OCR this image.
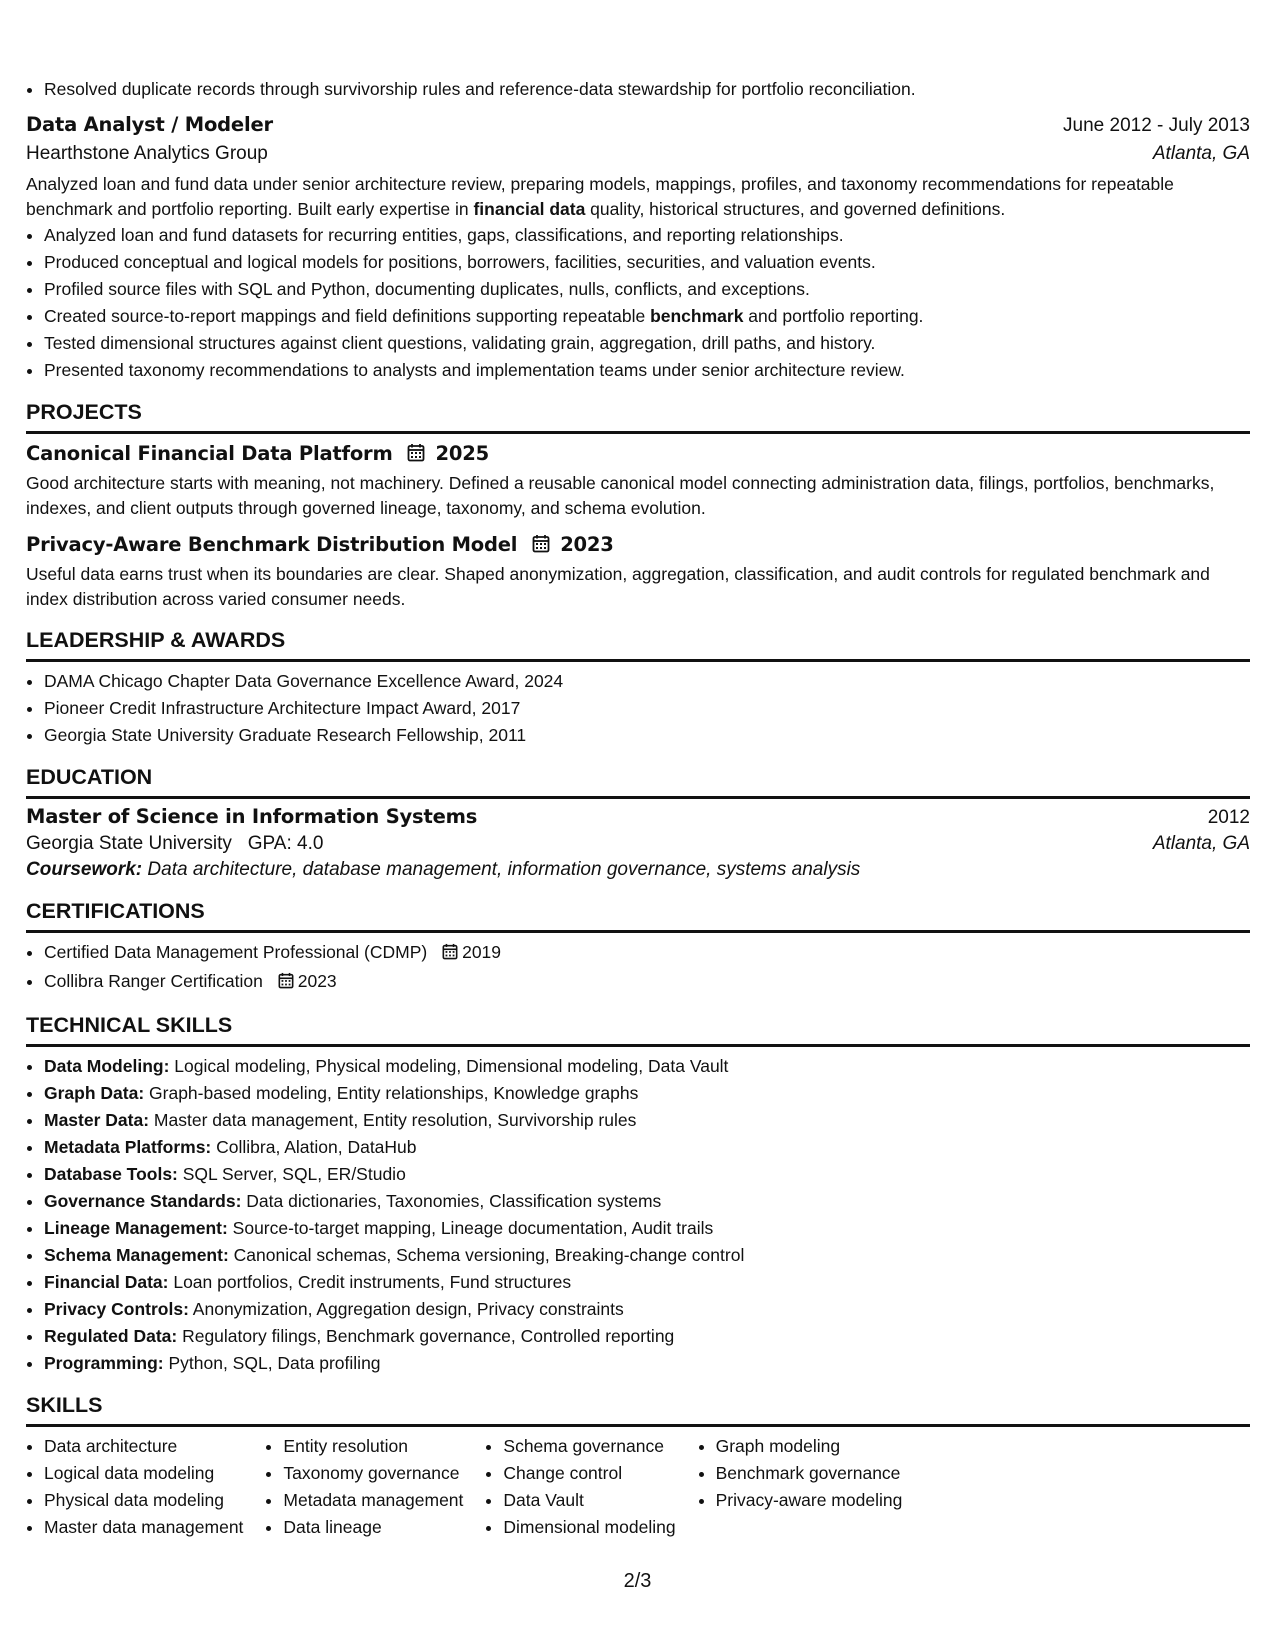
• Resolved duplicate records through survivorship rules and reference-data stewardship for portfolio reconciliation.
Data Analyst / Modeler	June 2012 - July 2013
Hearthstone Analytics Group	Atlanta, GA

Analyzed loan and fund data under senior architecture review, preparing models, mappings, profiles, and taxonomy recommendations for repeatable benchmark and portfolio reporting. Built early expertise in financial data quality, historical structures, and governed definitions.

• Analyzed loan and fund datasets for recurring entities, gaps, classifications, and reporting relationships.
• Produced conceptual and logical models for positions, borrowers, facilities, securities, and valuation events.
• Profiled source files with SQL and Python, documenting duplicates, nulls, conflicts, and exceptions.
• Created source-to-report mappings and field definitions supporting repeatable benchmark and portfolio reporting.
• Tested dimensional structures against client questions, validating grain, aggregation, drill paths, and history.
• Presented taxonomy recommendations to analysts and implementation teams under senior architecture review.
PROJECTS
Canonical Financial Data Platform 2025

Good architecture starts with meaning, not machinery. Defined a reusable canonical model connecting administration data, filings, portfolios, benchmarks, indexes, and client outputs through governed lineage, taxonomy, and schema evolution.

Privacy-Aware Benchmark Distribution Model 2023

Useful data earns trust when its boundaries are clear. Shaped anonymization, aggregation, classification, and audit controls for regulated benchmark and index distribution across varied consumer needs.

LEADERSHIP & AWARDS
• DAMA Chicago Chapter Data Governance Excellence Award, 2024
• Pioneer Credit Infrastructure Architecture Impact Award, 2017
• Georgia State University Graduate Research Fellowship, 2011
EDUCATION
Master of Science in Information Systems	2012
Georgia State University   GPA: 4.0	Atlanta, GA
Coursework: Data architecture, database management, information governance, systems analysis
CERTIFICATIONS
• Certified Data Management Professional (CDMP) 2019
• Collibra Ranger Certification 2023
TECHNICAL SKILLS
• Data Modeling: Logical modeling, Physical modeling, Dimensional modeling, Data Vault
• Graph Data: Graph-based modeling, Entity relationships, Knowledge graphs
• Master Data: Master data management, Entity resolution, Survivorship rules
• Metadata Platforms: Collibra, Alation, DataHub
• Database Tools: SQL Server, SQL, ER/Studio
• Governance Standards: Data dictionaries, Taxonomies, Classification systems
• Lineage Management: Source-to-target mapping, Lineage documentation, Audit trails
• Schema Management: Canonical schemas, Schema versioning, Breaking-change control
• Financial Data: Loan portfolios, Credit instruments, Fund structures
• Privacy Controls: Anonymization, Aggregation design, Privacy constraints
• Regulated Data: Regulatory filings, Benchmark governance, Controlled reporting
• Programming: Python, SQL, Data profiling
SKILLS
• Data architecture
• Logical data modeling
• Physical data modeling
• Master data management
• Entity resolution
• Taxonomy governance
• Metadata management
• Data lineage
• Schema governance
• Change control
• Data Vault
• Dimensional modeling
• Graph modeling
• Benchmark governance
• Privacy-aware modeling
2/3
